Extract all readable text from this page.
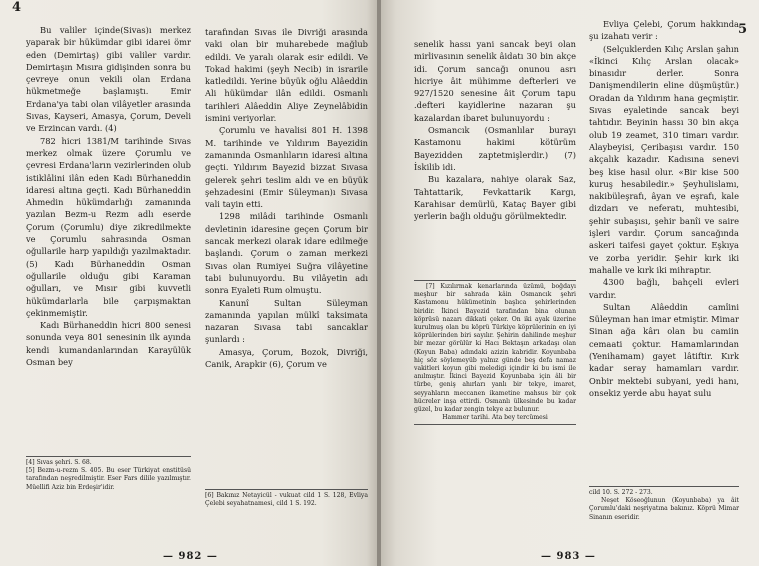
4

Bu valiler içinde(Sivas)ı merkez yaparak bir hükümdar gibi idarei ömr eden (Demirtaş) gibi valiler vardır. Demirtaşın Mısıra gidişinden sonra bu çevreye onun vekili olan Erdana hükmetmeğe başlamıştı. Emir Erdana'ya tabi olan vilâyetler arasında Sıvas, Kayseri, Amasya, Çorum, Develi ve Erzincan vardı. (4)

782 hicri 1381/M tarihinde Sıvas merkez olmak üzere Çorumlu ve çevresi Erdana'ların vezirlerinden olub istiklâlini ilân eden Kadı Bürhaneddin idaresi altına geçti. Kadı Bürhaneddin Ahmedin hükümdarlığı zamanında yazılan Bezm-u Rezm adlı eserde Çorum (Çorumlu) diye zikredilmekte ve Çorumlu sahrasında Osman oğullarile harp yapıldığı yazılmaktadır. (5) Kadı Bürhaneddin Osman oğullarile olduğu gibi Karaman oğulları, ve Mısır gibi kuvvetli hükümdarlarla bile çarpışmaktan çekinmemiştir.

Kadı Bürhaneddin hicri 800 senesi sonunda veya 801 senesinin ilk ayında kendi kumandanlarından Karayülük Osman bey

[4] Sıvas şehri. S. 68.

[5] Bezm-u-rezm S. 405. Bu eser Türkiyat enstitüsü tarafından neşredilmiştir. Eser Fars dilile yazılmıştır. Müellifi Aziz bin Erdeşir'idir.

tarafından Sıvas ile Divriği arasında vaki olan bir muharebede mağlub edildi. Ve yaralı olarak esir edildi. Ve Tokad hakimi (şeyh Necib) in israrile katledildi. Yerine büyük oğlu Alâeddin Ali hükümdar ilân edildi. Osmanlı tarihleri Alâeddin Aliye Zeynelâbidin ismini veriyorlar.

Çorumlu ve havalisi 801 H. 1398 M. tarihinde ve Yıldırım Bayezidin zamanında Osmanlıların idaresi altına geçti. Yıldırım Bayezid bizzat Sıvasa gelerek şehri teslim aldı ve en büyük şehzadesini (Emir Süleyman)ı Sıvasa vali tayin etti.

1298 milâdi tarihinde Osmanlı devletinin idaresine geçen Çorum bir sancak merkezi olarak idare edilmeğe başlandı. Çorum o zaman merkezi Sıvas olan Rumiyei Suğra vilâyetine tabi bulunuyordu. Bu vilâyetin adı sonra Eyaleti Rum olmuştu.

Kanunî Sultan Süleyman zamanında yapılan mülkî taksimata nazaran Sıvasa tabi sancaklar şunlardı :

Amasya, Çorum, Bozok, Divriği, Canik, Arapkir (6), Çorum ve

[6] Bakınız Netayicül - vukuat cild 1 S. 128, Evliya Çelebi seyahatnamesi, cild 1 S. 192.

— 982 —
5

senelik hassı yani sancak beyi olan mirlivasının senelik âidatı 30 bin akçe idi. Çorum sancağı onunou asrı hicriye âit mühimme defterleri ve 927/1520 senesine âit Çorum tapu .defteri kayidlerine nazaran şu kazalardan ibaret bulunuyordu :

Osmancık (Osmanlılar burayı Kastamonu hakimi kötürüm Bayezidden zaptetmişlerdir.) (7) İskilib idi.

Bu kazalara, nahiye olarak Saz, Tahtattarik, Fevkattarik Kargı, Karahisar demürlü, Kataç Bayer gibi yerlerin bağlı olduğu görülmektedir.

[7] Kızılırmak kenarlarında üzümü, boğdayı meşhur bir sahrada kâin Osmancık şehri Kastamonu hükümetinin başlıca şehirlerinden biridir. İkinci Bayezid tarafından bina olunan köprüsü nazarı dikkati çeker. On iki ayak üzerine kurulmuş olan bu köprü Türkiye köprülerinin en iyi köprülerinden biri sayılır. Şehirin dahilinde meşhur bir mezar görülür ki Hacı Bektaşın arkadaşı olan (Koyun Baba) adındaki azizin kabridir. Koyunbaba hiç söz söylemeyüb yalnız günde beş defa namaz vakitleri koyun gibi meledigi içindir ki bu ismi ile anılmıştır. İkinci Bayezid Koyunbaba için âli bir türbe, geniş ahırları yanlı bir tekye, imaret, seyyahların meccanen ikametine mahsus bir çok hücreler inşa ettirdi. Osmanlı ülkesinde bu kadar güzel, bu kadar zengin tekye az bulunur.

Hammer tarihi. Ata bey tercümesi

Evliya Çelebi, Çorum hakkında şu izahatı verir :

(Selçuklerden Kılıç Arslan şahın «İkinci Kılıç Arslan olacak» binasıdır derler. Sonra Danişmendilerin eline düşmüştür.) Oradan da Yıldırım hana geçmiştir. Sıvas eyaletinde sancak beyi tahtıdır. Beyinin hassı 30 bin akça olub 19 zeamet, 310 timarı vardır. Alaybeyisi, Çeribaşısı vardır. 150 akçalık kazadır. Kadısına senevi beş kise hasıl olur. «Bir kise 500 kuruş hesabiledir.» Şeyhulislamı, nakibüleşrafı, âyan ve eşrafı, kale dizdarı ve neferatı, muhtesibi, şehir subaşısı, şehir banîi ve saire işleri vardır. Çorum sancağında askeri taifesi gayet çoktur. Eşkıya ve zorba yeridir. Şehir kırk iki mahalle ve kırk iki mihraptır.

4300 bağlı, bahçeli evleri vardır.

Sultan Alâeddin camîini Süleyman han imar etmiştir. Mimar Sinan ağa kârı olan bu camiin cemaati çoktur. Hamamlarından (Yenihamam) gayet lâtiftir. Kırk kadar seray hamamları vardır. Onbir mektebi subyani, yedi hanı, onsekiz yerde abu hayat sulu

cild 10. S. 272 - 273.

Neşet Köseoğlunun (Koyunbaba) ya âit Çorumlu'daki neşriyatına bakınız. Köprü Mimar Sinanın eseridir.

— 983 —
